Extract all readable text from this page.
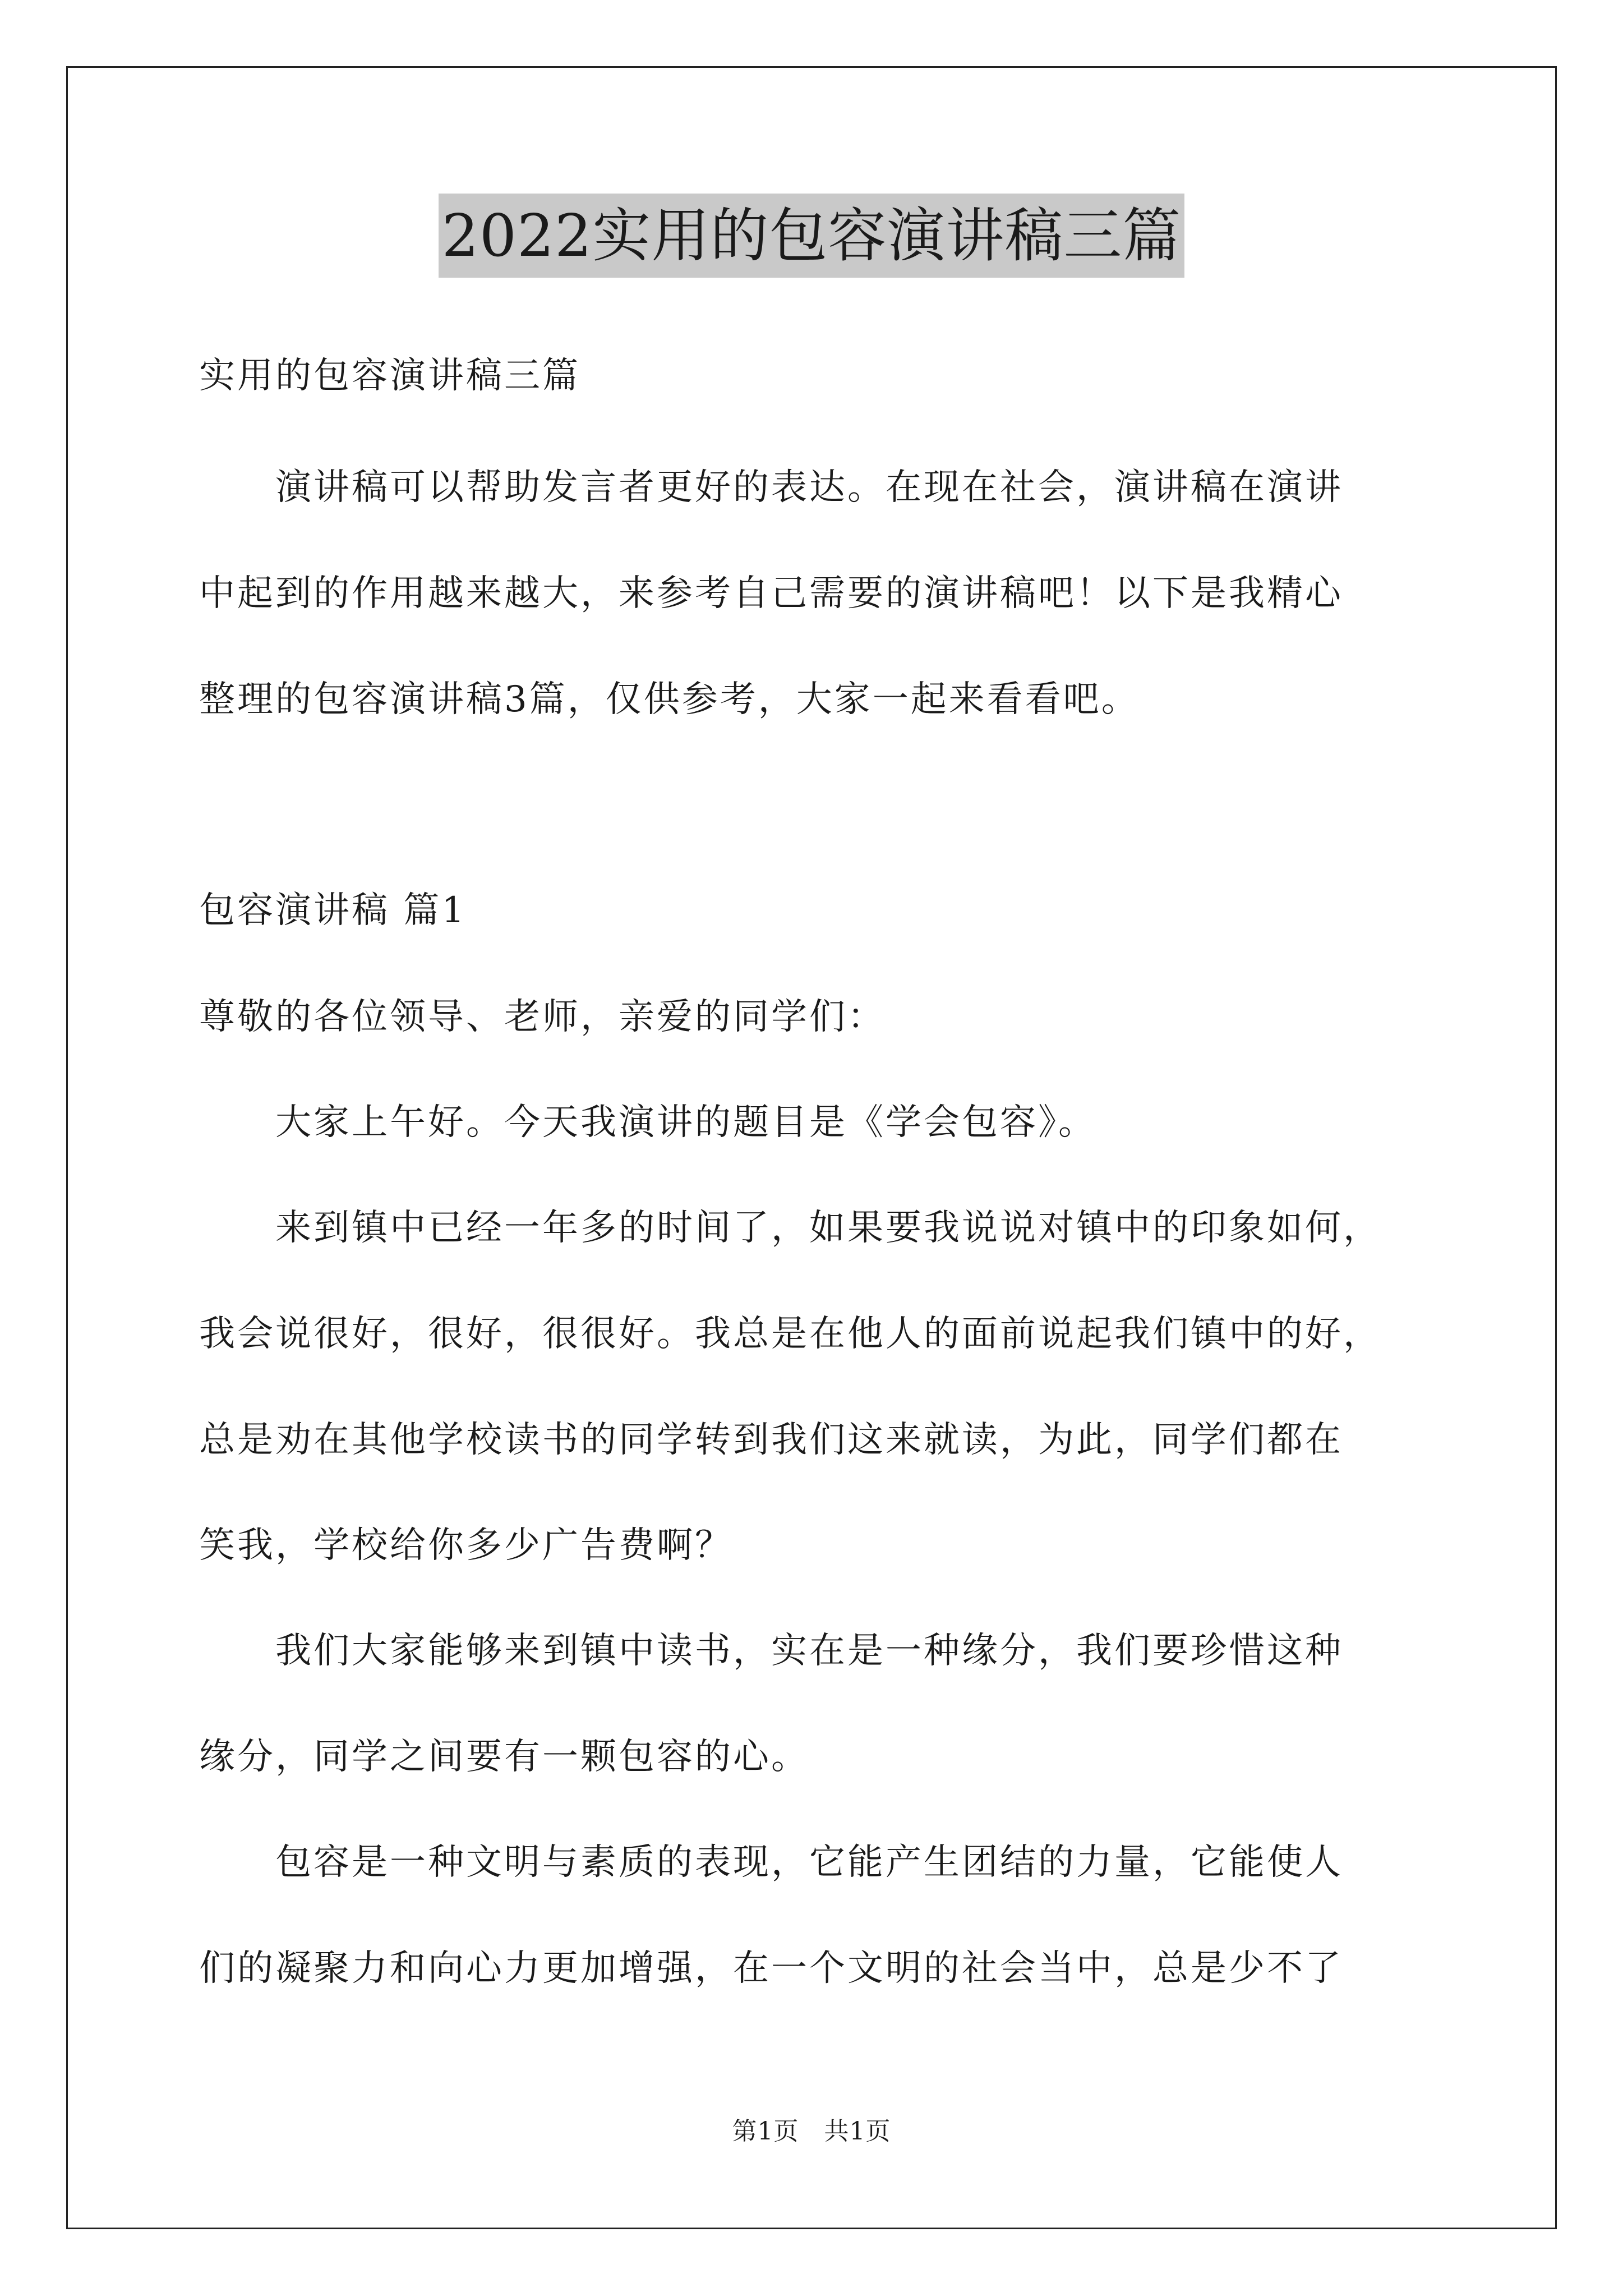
2022实用的包容演讲稿三篇
实用的包容演讲稿三篇
　　演讲稿可以帮助发言者更好的表达。在现在社会，演讲稿在演讲
中起到的作用越来越大，来参考自己需要的演讲稿吧！以下是我精心
整理的包容演讲稿3篇，仅供参考，大家一起来看看吧。
包容演讲稿 篇1
尊敬的各位领导、老师，亲爱的同学们：
　　大家上午好。今天我演讲的题目是《学会包容》。
　　来到镇中已经一年多的时间了，如果要我说说对镇中的印象如何，
我会说很好，很好，很很好。我总是在他人的面前说起我们镇中的好，
总是劝在其他学校读书的同学转到我们这来就读，为此，同学们都在
笑我，学校给你多少广告费啊？
　　我们大家能够来到镇中读书，实在是一种缘分，我们要珍惜这种
缘分，同学之间要有一颗包容的心。
　　包容是一种文明与素质的表现，它能产生团结的力量，它能使人
们的凝聚力和向心力更加增强，在一个文明的社会当中，总是少不了
第1页　共1页
